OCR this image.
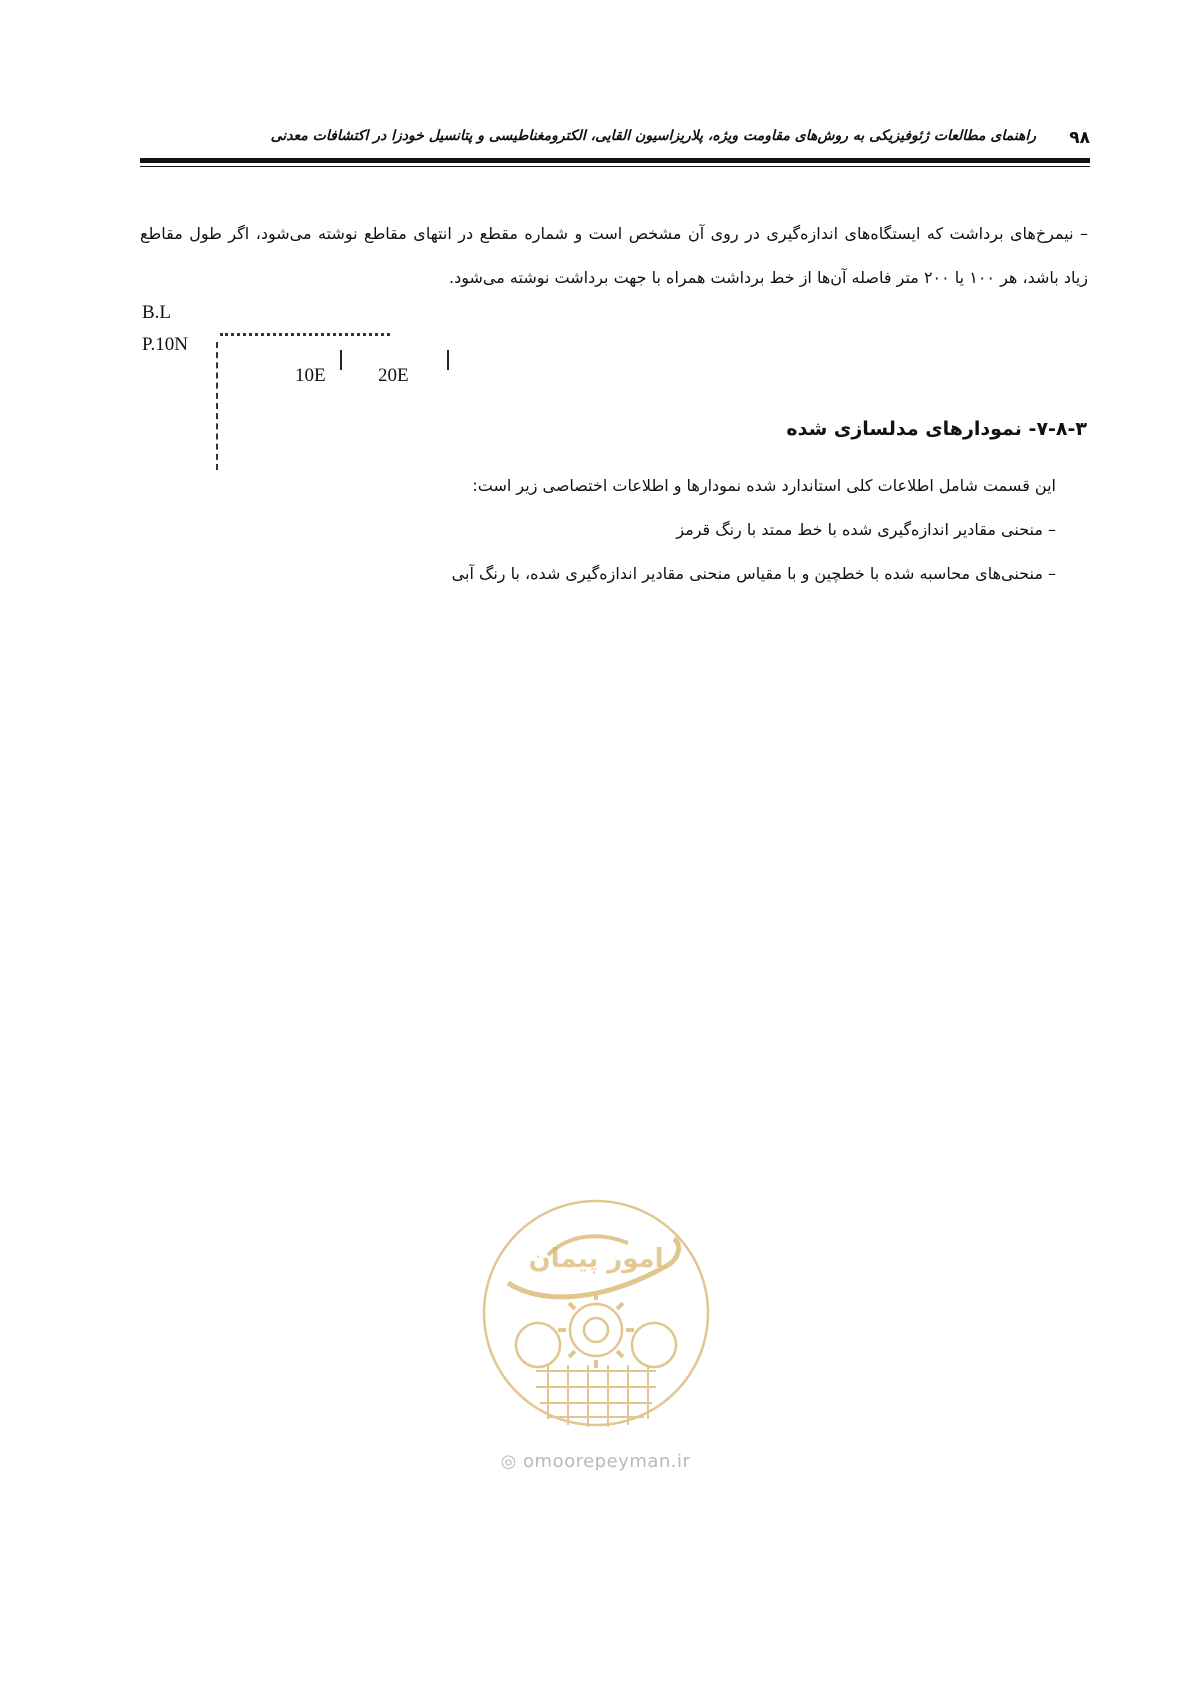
۹۸
راهنمای مطالعات ژئوفیزیکی به روش‌های مقاومت ویژه، پلاریزاسیون القایی، الکترومغناطیسی و پتانسیل خودزا در اکتشافات معدنی
– نیمرخ‌های برداشت که ایستگاه‌های اندازه‌گیری در روی آن مشخص است و شماره مقطع در انتهای مقاطع نوشته می‌شود، اگر طول مقاطع زیاد باشد، هر ۱۰۰ یا ۲۰۰ متر فاصله آن‌ها از خط برداشت همراه با جهت برداشت نوشته می‌شود.
B.L
P.10N
10E	20E
۷-۸-۳- نمودارهای مدلسازی شده
این قسمت شامل اطلاعات کلی استاندارد شده نمودارها و اطلاعات اختصاصی زیر است:
– منحنی مقادیر اندازه‌گیری شده با خط ممتد با رنگ قرمز
– منحنی‌های محاسبه شده با خطچین و با مقیاس منحنی مقادیر اندازه‌گیری شده، با رنگ آبی
امور پیمان
◎ omoorepeyman.ir
